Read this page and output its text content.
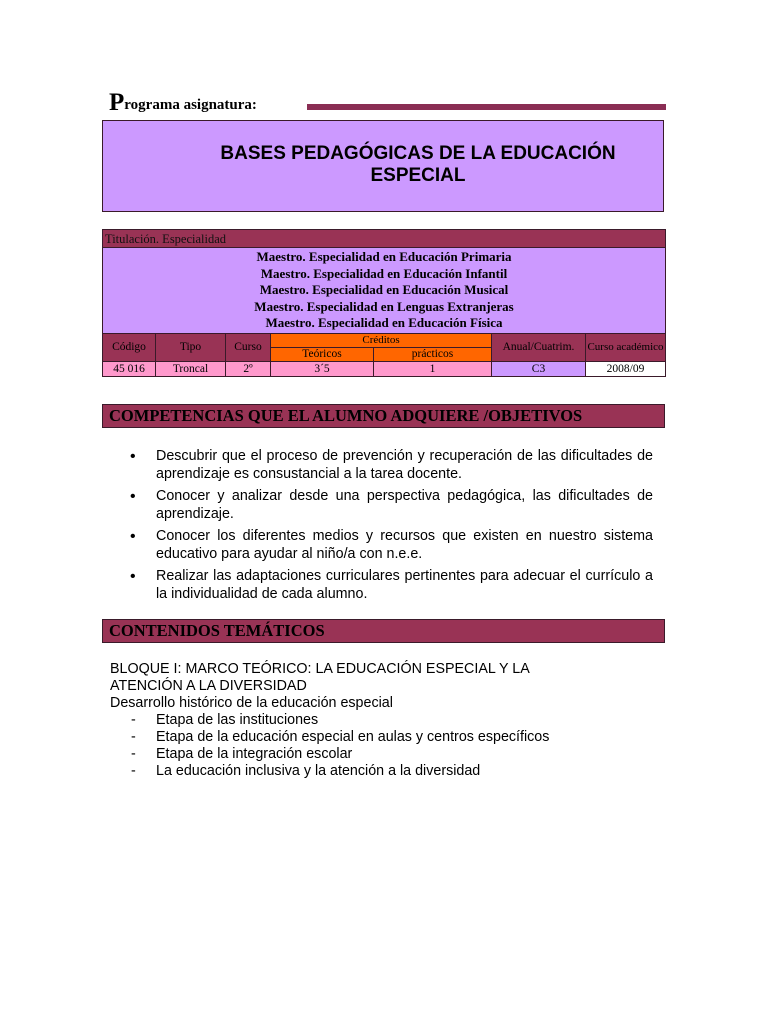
Programa asignatura:
BASES PEDAGÓGICAS DE LA EDUCACIÓN ESPECIAL
Titulación. Especialidad						

Maestro. Especialidad en Educación Primaria
Maestro. Especialidad en Educación Infantil
Maestro. Especialidad en Educación Musical
Maestro. Especialidad en Lenguas Extranjeras
Maestro. Especialidad en Educación Física						

Código	Tipo	Curso	Créditos		Anual/Cuatrim.	Curso académico
			Teóricos	prácticos		
45 016	Troncal	2º	3´5	1	C3	2008/09
COMPETENCIAS QUE EL ALUMNO ADQUIERE /OBJETIVOS
• Descubrir que el proceso de prevención y recuperación de las dificultades de aprendizaje es consustancial a la tarea docente.
• Conocer y analizar desde una perspectiva pedagógica, las dificultades de aprendizaje.
• Conocer los diferentes medios y recursos que existen en nuestro sistema educativo para ayudar al niño/a con n.e.e.
• Realizar las adaptaciones curriculares pertinentes para adecuar el currículo a la individualidad de cada alumno.
CONTENIDOS TEMÁTICOS
BLOQUE I: MARCO TEÓRICO: LA EDUCACIÓN ESPECIAL Y LA
ATENCIÓN A LA DIVERSIDAD
Desarrollo histórico de la educación especial
-	Etapa de las instituciones
-	Etapa de la educación especial en aulas y centros específicos
-	Etapa de la integración escolar
-	La educación inclusiva y la atención a la diversidad
